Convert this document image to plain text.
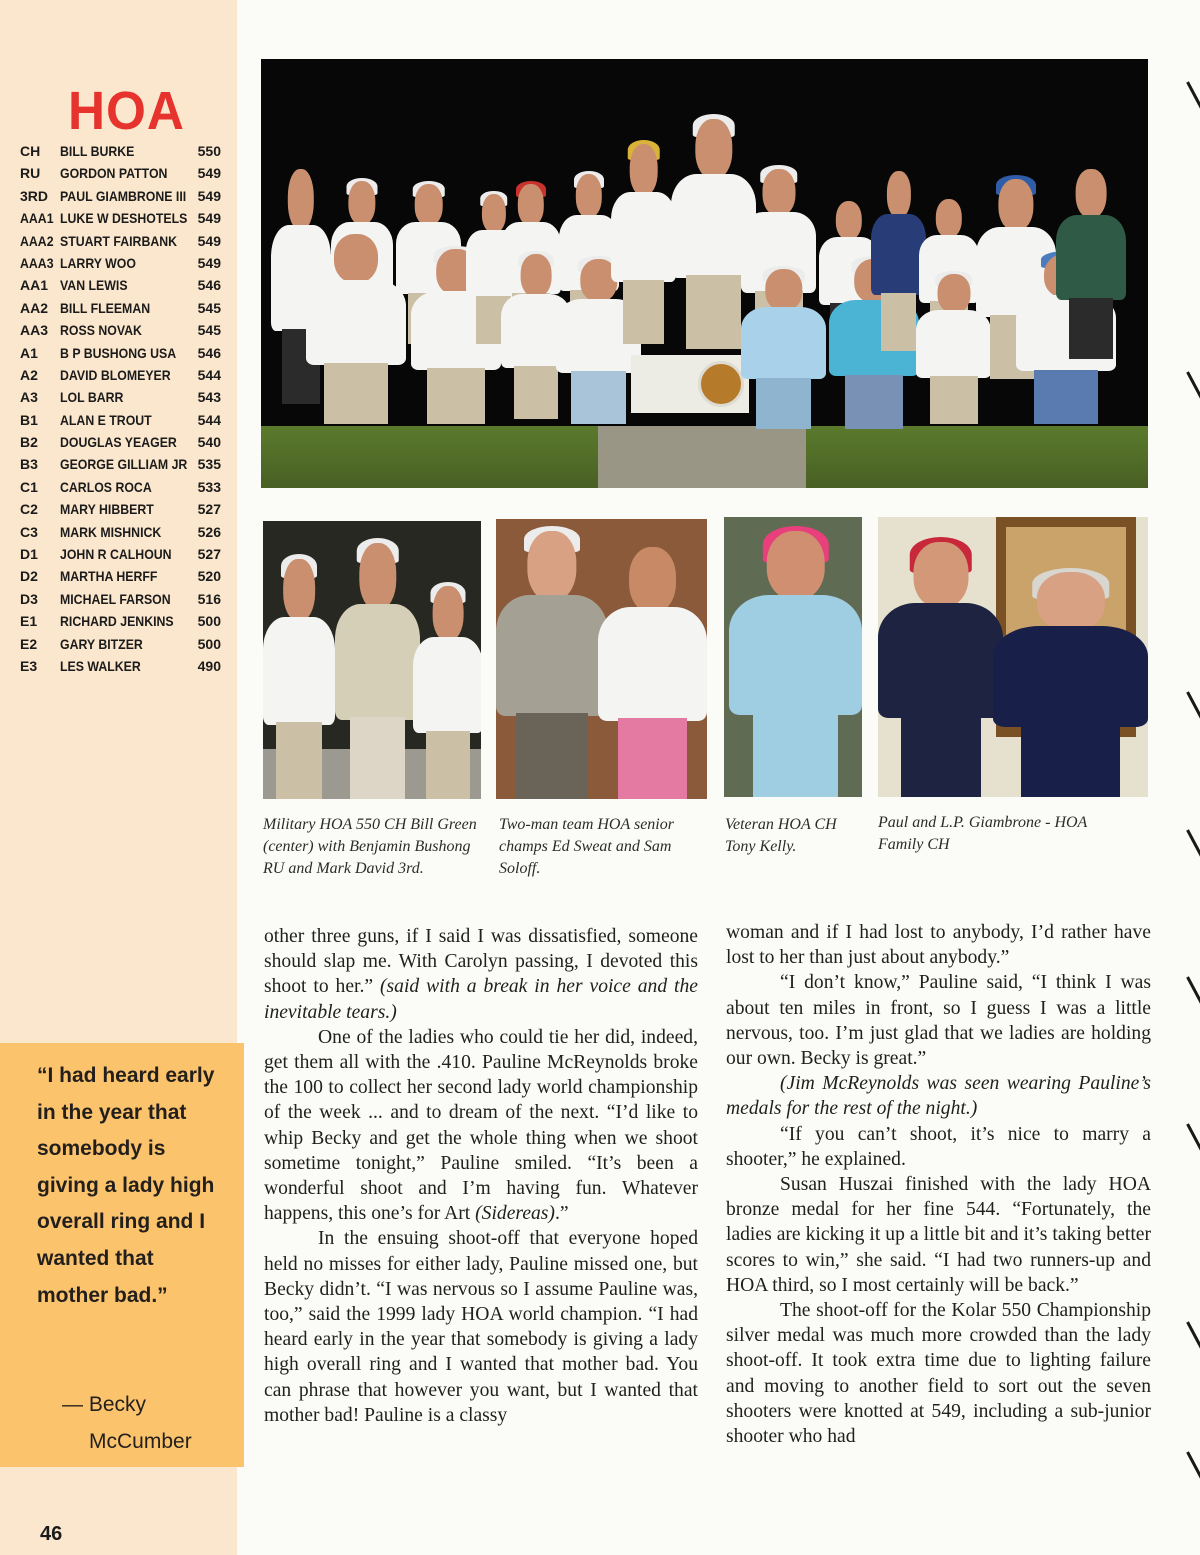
HOA
CH BILL BURKE	550
RU GORDON PATTON 549
3RD PAUL GIAMBRONE III 549
AAA1 LUKE W DESHOTELS 549
AAA2 STUART FAIRBANK 549
AAA3 LARRY WOO	549
AA1 VAN LEWIS	546
AA2 BILL FLEEMAN	545
AA3 ROSS NOVAK	545
A1 B P BUSHONG USA 546
A2 DAVID BLOMEYER 544
A3 LOL BARR	543
B1 ALAN E TROUT	544
B2 DOUGLAS YEAGER 540
B3 GEORGE GILLIAM JR 535
C1 CARLOS ROCA	533
C2 MARY HIBBERT	527
C3 MARK MISHNICK	526
D1 JOHN R CALHOUN 527
D2 MARTHA HERFF	520
D3 MICHAEL FARSON 516
E1 RICHARD JENKINS 500
E2 GARY BITZER	500
E3 LES WALKER	490
“I had heard early in the year that somebody is giving a lady high overall ring and I wanted that mother bad.”
— Becky
McCumber
46
Military HOA 550 CH Bill Green (center) with Benjamin Bushong RU and Mark David 3rd.
Two-man team HOA senior champs Ed Sweat and Sam Soloff.
Veteran HOA CH Tony Kelly.
Paul and L.P. Giambrone - HOA Family CH

other three guns, if I said I was dissatisfied, someone should slap me. With Carolyn passing, I devoted this shoot to her.” (said with a break in her voice and the inevitable tears.)

One of the ladies who could tie her did, indeed, get them all with the .410. Pauline McReynolds broke the 100 to collect her second lady world championship of the week ... and to dream of the next. “I’d like to whip Becky and get the whole thing when we shoot sometime tonight,” Pauline smiled. “It’s been a wonderful shoot and I’m having fun. Whatever happens, this one’s for Art (Sidereas).”

In the ensuing shoot-off that everyone hoped held no misses for either lady, Pauline missed one, but Becky didn’t. “I was nervous so I assume Pauline was, too,” said the 1999 lady HOA world champion. “I had heard early in the year that somebody is giving a lady high overall ring and I wanted that mother bad. You can phrase that however you want, but I wanted that mother bad! Pauline is a classy

woman and if I had lost to anybody, I’d rather have lost to her than just about anybody.”

“I don’t know,” Pauline said, “I think I was about ten miles in front, so I guess I was a little nervous, too. I’m just glad that we ladies are holding our own. Becky is great.”

(Jim McReynolds was seen wearing Pauline’s medals for the rest of the night.)

“If you can’t shoot, it’s nice to marry a shooter,” he explained.

Susan Huszai finished with the lady HOA bronze medal for her fine 544. “Fortunately, the ladies are kicking it up a little bit and it’s taking better scores to win,” she said. “I had two runners-up and HOA third, so I most certainly will be back.”

The shoot-off for the Kolar 550 Championship silver medal was much more crowded than the lady shoot-off. It took extra time due to lighting failure and moving to another field to sort out the seven shooters were knotted at 549, including a sub-junior shooter who had
